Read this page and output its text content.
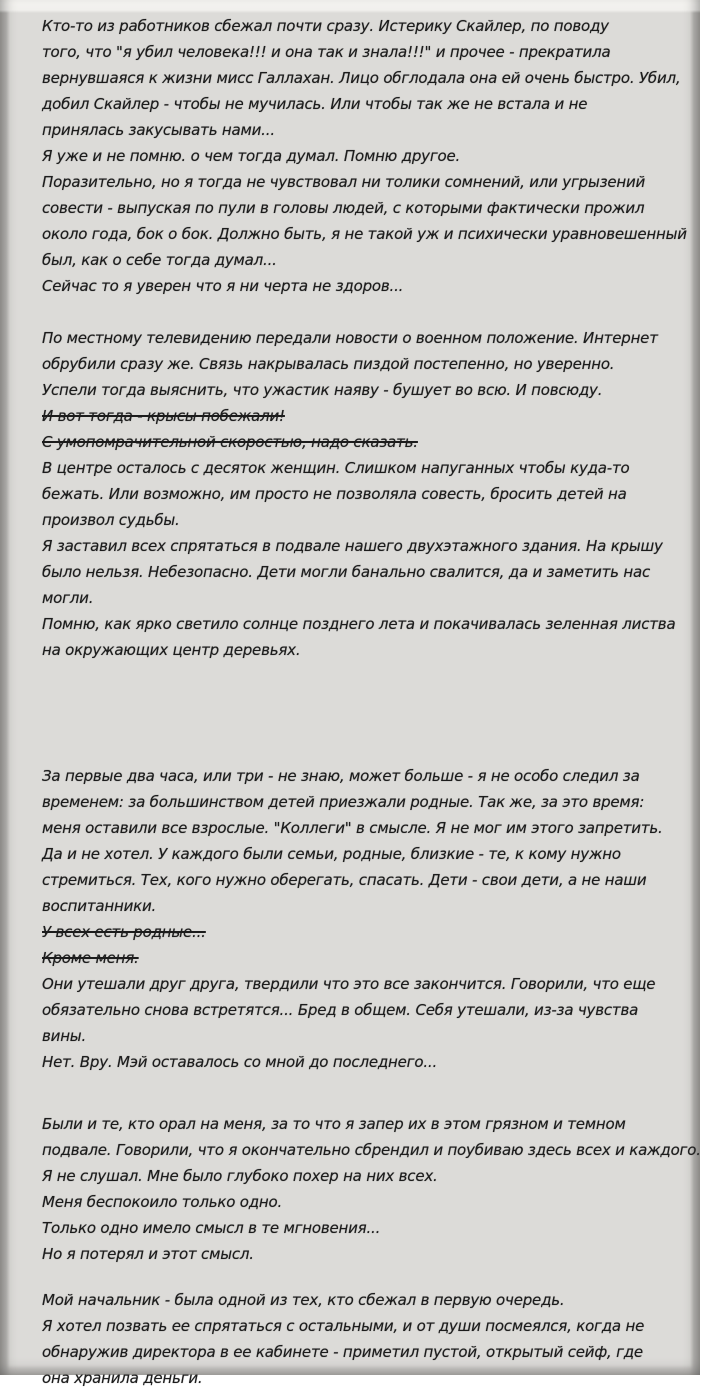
Кто-то из работников сбежал почти сразу. Истерику Скайлер, по поводу
того, что "я убил человека!!! и она так и знала!!!" и прочее - прекратила
вернувшаяся к жизни мисс Галлахан. Лицо обглодала она ей очень быстро. Убил,
добил Скайлер - чтобы не мучилась. Или чтобы так же не встала и не
принялась закусывать нами...
Я уже и не помню. о чем тогда думал. Помню другое.
Поразительно, но я тогда не чувствовал ни толики сомнений, или угрызений
совести - выпуская по пули в головы людей, с которыми фактически прожил
около года, бок о бок. Должно быть, я не такой уж и психически уравновешенный
был, как о себе тогда думал...
Сейчас то я уверен что я ни черта не здоров...
По местному телевидению передали новости о военном положение. Интернет
обрубили сразу же. Связь накрывалась пиздой постепенно, но уверенно.
Успели тогда выяснить, что ужастик наяву - бушует во всю. И повсюду.
И вот тогда - крысы побежали!
С умопомрачительной скоростью, надо сказать.
В центре осталось с десяток женщин. Слишком напуганных чтобы куда-то
бежать. Или возможно, им просто не позволяла совесть, бросить детей на
произвол судьбы.
Я заставил всех спрятаться в подвале нашего двухэтажного здания. На крышу
было нельзя. Небезопасно. Дети могли банально свалится, да и заметить нас
могли.
Помню, как ярко светило солнце позднего лета и покачивалась зеленная листва
на окружающих центр деревьях.
За первые два часа, или три - не знаю, может больше - я не особо следил за
временем: за большинством детей приезжали родные. Так же, за это время:
меня оставили все взрослые. "Коллеги" в смысле. Я не мог им этого запретить.
Да и не хотел. У каждого были семьи, родные, близкие - те, к кому нужно
стремиться. Тех, кого нужно оберегать, спасать. Дети - свои дети, а не наши
воспитанники.
У всех есть родные...
Кроме меня.
Они утешали друг друга, твердили что это все закончится. Говорили, что еще
обязательно снова встретятся... Бред в общем. Себя утешали, из-за чувства
вины.
Нет. Вру. Мэй оставалось со мной до последнего...
Были и те, кто орал на меня, за то что я запер их в этом грязном и темном
подвале. Говорили, что я окончательно сбрендил и поубиваю здесь всех и каждого.
Я не слушал. Мне было глубоко похер на них всех.
Меня беспокоило только одно.
Только одно имело смысл в те мгновения...
Но я потерял и этот смысл.
Мой начальник - была одной из тех, кто сбежал в первую очередь.
Я хотел позвать ее спрятаться с остальными, и от души посмеялся, когда не
обнаружив директора в ее кабинете - приметил пустой, открытый сейф, где
она хранила деньги.
